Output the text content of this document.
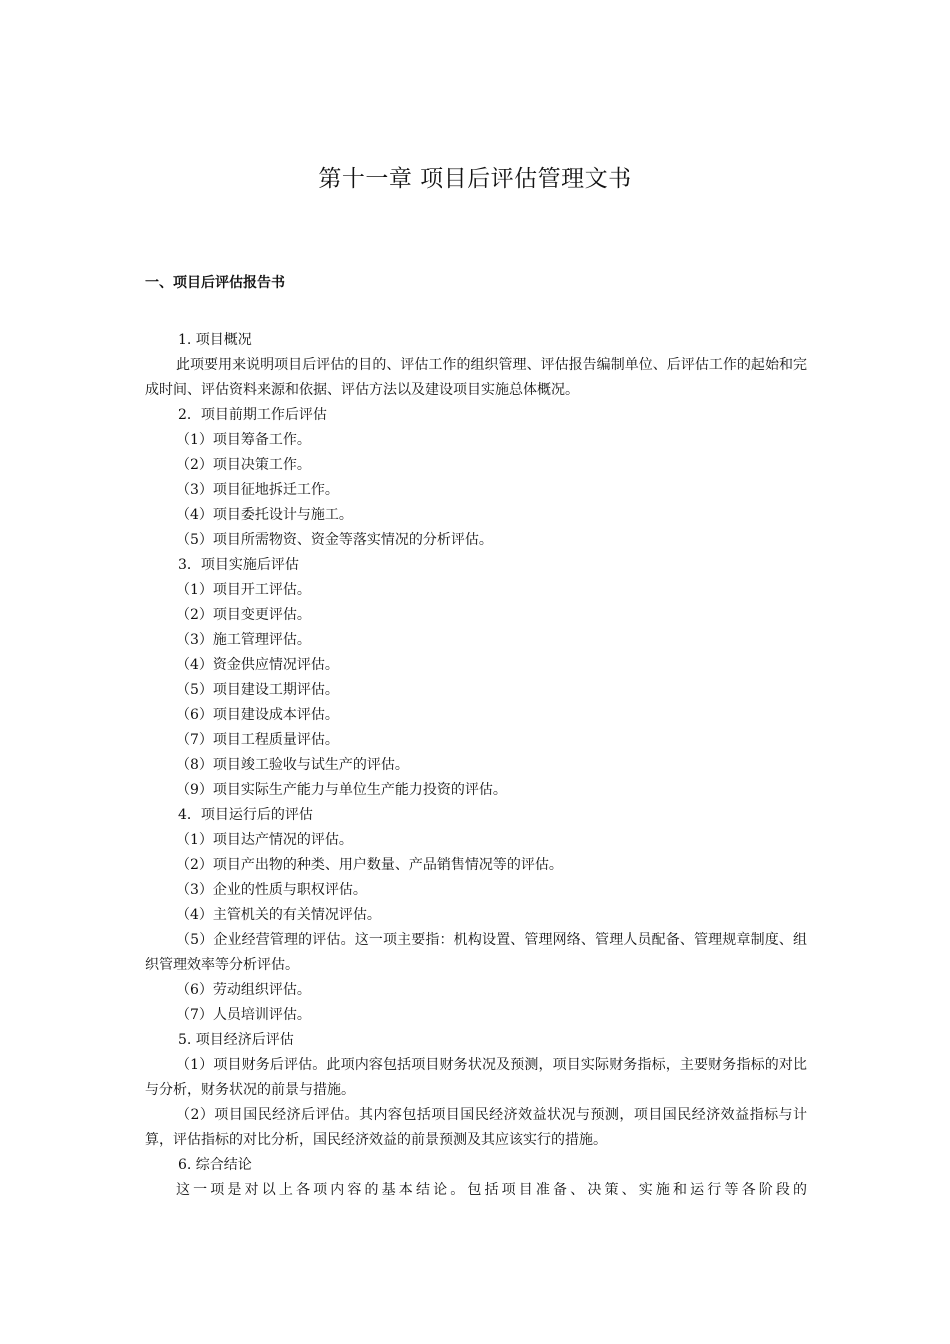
第十一章 项目后评估管理文书
一、项目后评估报告书

1. 项目概况

此项要用来说明项目后评估的目的、评估工作的组织管理、评估报告编制单位、后评估工作的起始和完成时间、评估资料来源和依据、评估方法以及建设项目实施总体概况。

2．项目前期工作后评估

（1）项目筹备工作。

（2）项目决策工作。

（3）项目征地拆迁工作。

（4）项目委托设计与施工。

（5）项目所需物资、资金等落实情况的分析评估。

3．项目实施后评估

（1）项目开工评估。

（2）项目变更评估。

（3）施工管理评估。

（4）资金供应情况评估。

（5）项目建设工期评估。

（6）项目建设成本评估。

（7）项目工程质量评估。

（8）项目竣工验收与试生产的评估。

（9）项目实际生产能力与单位生产能力投资的评估。

4．项目运行后的评估

（1）项目达产情况的评估。

（2）项目产出物的种类、用户数量、产品销售情况等的评估。

（3）企业的性质与职权评估。

（4）主管机关的有关情况评估。

（5）企业经营管理的评估。这一项主要指：机构设置、管理网络、管理人员配备、管理规章制度、组织管理效率等分析评估。

（6）劳动组织评估。

（7）人员培训评估。

5. 项目经济后评估

（1）项目财务后评估。此项内容包括项目财务状况及预测，项目实际财务指标，主要财务指标的对比与分析，财务状况的前景与措施。

（2）项目国民经济后评估。其内容包括项目国民经济效益状况与预测，项目国民经济效益指标与计算，评估指标的对比分析，国民经济效益的前景预测及其应该实行的措施。

6. 综合结论

这一项是对以上各项内容的基本结论。包括项目准备、决策、实施和运行等各阶段的
